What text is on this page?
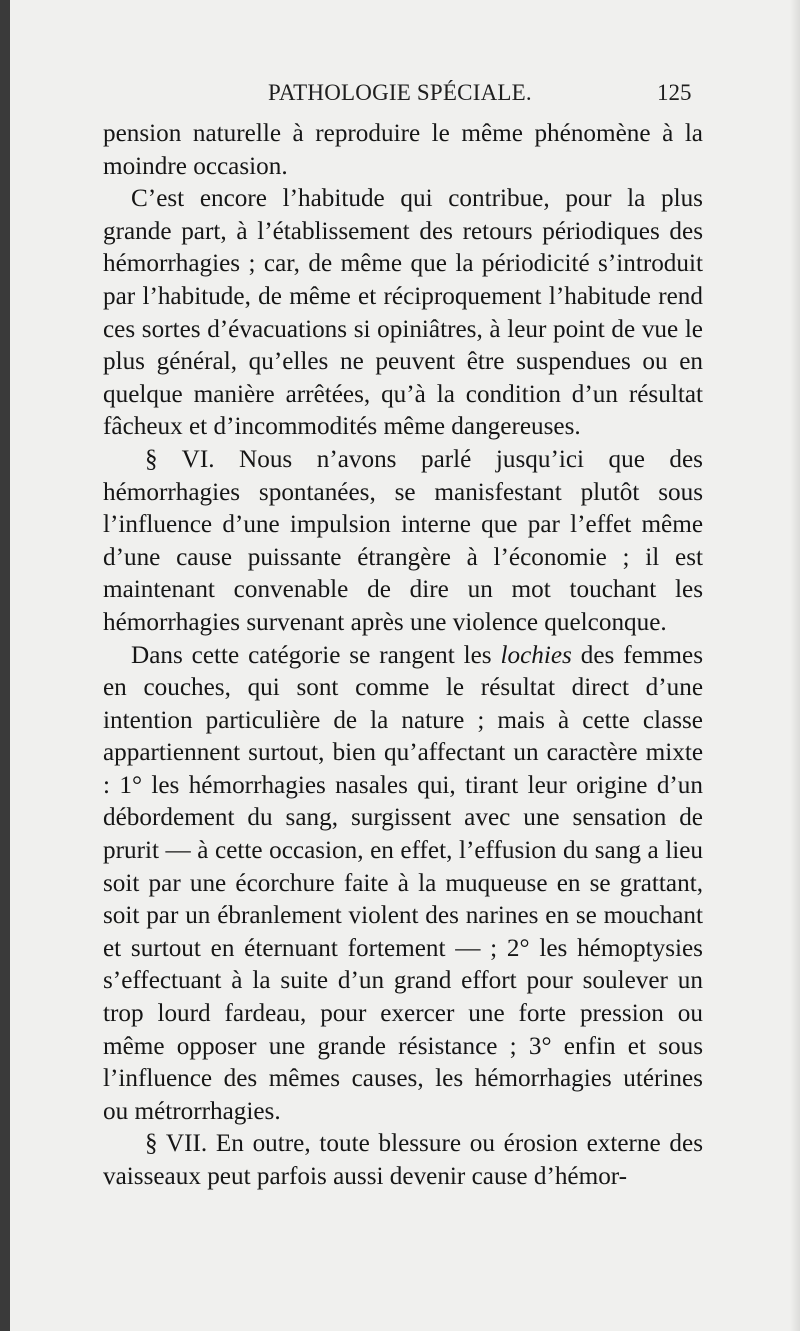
PATHOLOGIE SPÉCIALE.	125

pension naturelle à reproduire le même phénomène à la moindre occasion.

C’est encore l’habitude qui contribue, pour la plus grande part, à l’établissement des retours périodiques des hémorrhagies ; car, de même que la périodicité s’introduit par l’habitude, de même et réciproquement l’habitude rend ces sortes d’évacuations si opiniâtres, à leur point de vue le plus général, qu’elles ne peuvent être suspendues ou en quelque manière arrêtées, qu’à la condition d’un résultat fâcheux et d’incommodités même dangereuses.

§ VI. Nous n’avons parlé jusqu’ici que des hémorrhagies spontanées, se manisfestant plutôt sous l’influence d’une impulsion interne que par l’effet même d’une cause puissante étrangère à l’économie ; il est maintenant convenable de dire un mot touchant les hémorrhagies survenant après une violence quelconque.

Dans cette catégorie se rangent les lochies des femmes en couches, qui sont comme le résultat direct d’une intention particulière de la nature ; mais à cette classe appartiennent surtout, bien qu’affectant un caractère mixte : 1° les hémorrhagies nasales qui, tirant leur origine d’un débordement du sang, surgissent avec une sensation de prurit — à cette occasion, en effet, l’effusion du sang a lieu soit par une écorchure faite à la muqueuse en se grattant, soit par un ébranlement violent des narines en se mouchant et surtout en éternuant fortement — ; 2° les hémoptysies s’effectuant à la suite d’un grand effort pour soulever un trop lourd fardeau, pour exercer une forte pression ou même opposer une grande résistance ; 3° enfin et sous l’influence des mêmes causes, les hémorrhagies utérines ou métrorrhagies.

§ VII. En outre, toute blessure ou érosion externe des vaisseaux peut parfois aussi devenir cause d’hémor-
